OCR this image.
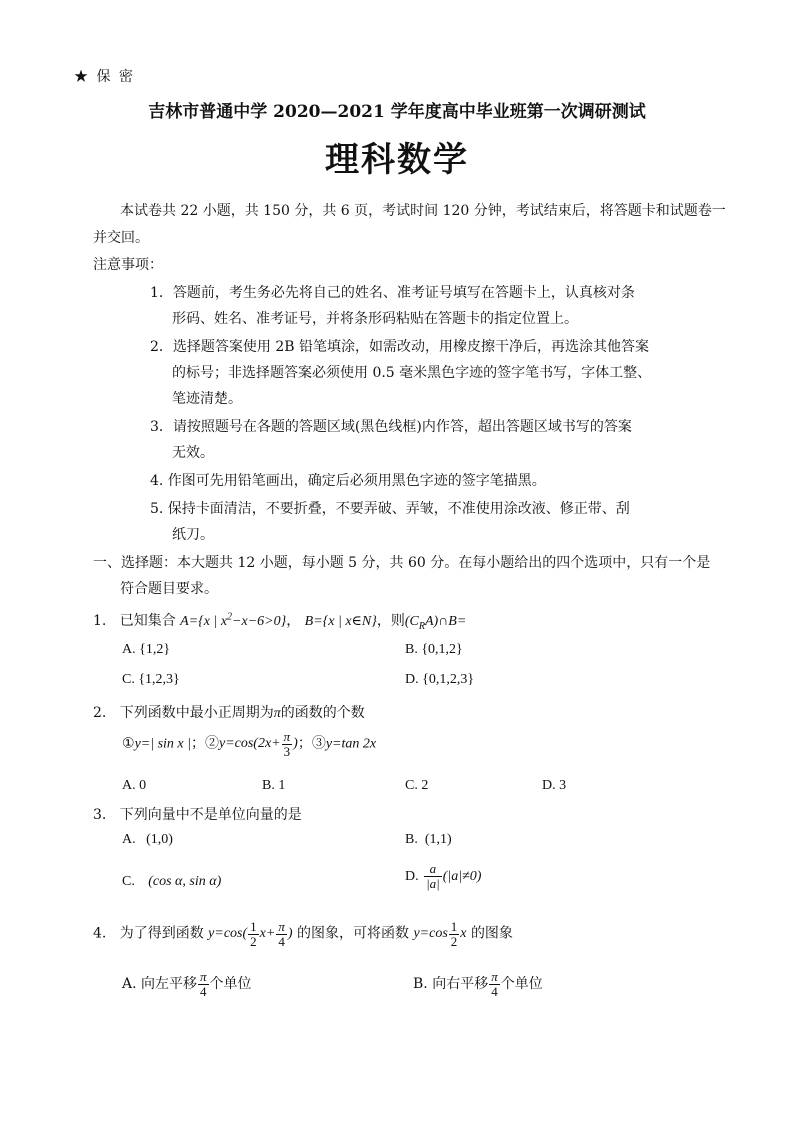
★ 保 密
吉林市普通中学 2020—2021 学年度高中毕业班第一次调研测试
理科数学
本试卷共 22 小题，共 150 分，共 6 页，考试时间 120 分钟，考试结束后，将答题卡和试题卷一
并交回。
注意事项：
1．答题前，考生务必先将自己的姓名、准考证号填写在答题卡上，认真核对条
形码、姓名、准考证号，并将条形码粘贴在答题卡的指定位置上。
2．选择题答案使用 2B 铅笔填涂，如需改动，用橡皮擦干净后，再选涂其他答案
的标号；非选择题答案必须使用 0.5 毫米黑色字迹的签字笔书写，字体工整、
笔迹清楚。
3．请按照题号在各题的答题区域(黑色线框)内作答，超出答题区域书写的答案
无效。
4. 作图可先用铅笔画出，确定后必须用黑色字迹的签字笔描黑。
5. 保持卡面清洁，不要折叠，不要弄破、弄皱，不准使用涂改液、修正带、刮
纸刀。
一、选择题：本大题共 12 小题，每小题 5 分，共 60 分。在每小题给出的四个选项中，只有一个是
符合题目要求。
1. 已知集合 A={x | $x^2-x-6>0$}， B={x | x∈N}，则$(C_RA)\cap B=$
A. {1,2}	B. {0,1,2}
C. {1,2,3}	D. {0,1,2,3}
2. 下列函数中最小正周期为π的函数的个数
①y=| sin x |；②y=cos(2x+ $\frac{\pi}{3}$ )；③y=tan 2x
A. 0	B. 1	C. 2	D. 3
3. 下列向量中不是单位向量的是
A. (1,0)	B. (1,1)
C. (cos α, sin α)	D. $\frac{a}{|a|} (|a|\ne 0)$
4. 为了得到函数 $y=\cos( \frac{1}{2} x+ \frac{\pi}{4}$ ) 的图象，可将函数 $y=\cos \frac{1}{2}$ x 的图象
A. 向左平移 $\frac{\pi}{4}$ 个单位	B. 向右平移 $\frac{\pi}{4}$ 个单位
